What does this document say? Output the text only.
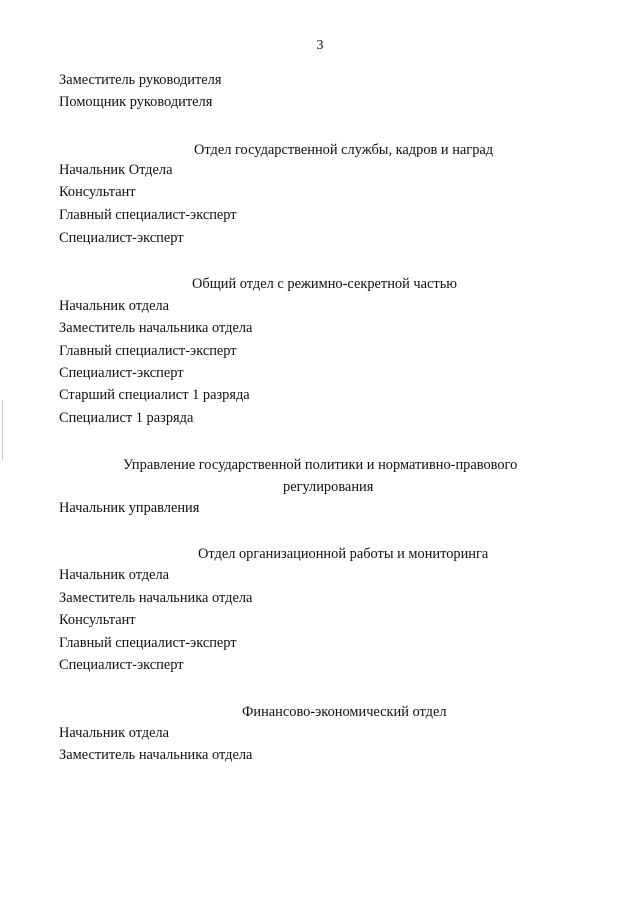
3
Заместитель руководителя
Помощник руководителя
Отдел государственной службы, кадров и наград
Начальник Отдела
Консультант
Главный специалист-эксперт
Специалист-эксперт
Общий отдел с режимно-секретной частью
Начальник отдела
Заместитель начальника отдела
Главный специалист-эксперт
Специалист-эксперт
Старший специалист 1 разряда
Специалист 1 разряда
Управление государственной политики и нормативно-правового
регулирования
Начальник управления
Отдел организационной работы и мониторинга
Начальник отдела
Заместитель начальника отдела
Консультант
Главный специалист-эксперт
Специалист-эксперт
Финансово-экономический отдел
Начальник отдела
Заместитель начальника отдела
